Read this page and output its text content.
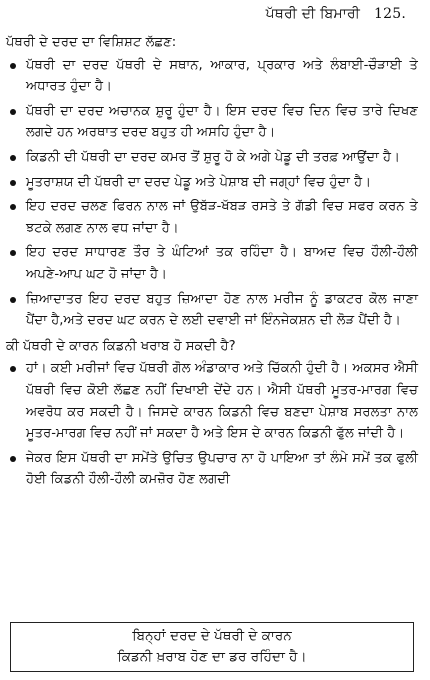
ਪੱਥਰੀ ਦੀ ਬਿਮਾਰੀ 125.
ਪੱਥਰੀ ਦੇ ਦਰਦ ਦਾ ਵਿਸ਼ਿਸ਼ਟ ਲੱਛਣ:
ਪੱਥਰੀ ਦਾ ਦਰਦ ਪੱਥਰੀ ਦੇ ਸਥਾਨ, ਆਕਾਰ, ਪ੍ਰਕਾਰ ਅਤੇ ਲੰਬਾਈ-ਚੌੜਾਈ ਤੇ ਅਧਾਰਤ ਹੁੰਦਾ ਹੈ।
ਪੱਥਰੀ ਦਾ ਦਰਦ ਅਚਾਨਕ ਸ਼ੁਰੂ ਹੁੰਦਾ ਹੈ। ਇਸ ਦਰਦ ਵਿਚ ਦਿਨ ਵਿਚ ਤਾਰੇ ਦਿਖਣ ਲਗਦੇ ਹਨ ਅਰਥਾਤ ਦਰਦ ਬਹੁਤ ਹੀ ਅਸਹਿ ਹੁੰਦਾ ਹੈ।
ਕਿਡਨੀ ਦੀ ਪੱਥਰੀ ਦਾ ਦਰਦ ਕਮਰ ਤੋਂ ਸ਼ੁਰੂ ਹੋ ਕੇ ਅਗੇ ਪੇਡੂ ਦੀ ਤਰਫ਼ ਆਉਂਦਾ ਹੈ।
ਮੂਤਰਾਸ਼ਯ ਦੀ ਪੱਥਰੀ ਦਾ ਦਰਦ ਪੇਡੂ ਅਤੇ ਪੇਸ਼ਾਬ ਦੀ ਜਗ੍ਹਾਂ ਵਿਚ ਹੁੰਦਾ ਹੈ।
ਇਹ ਦਰਦ ਚਲਣ ਫਿਰਨ ਨਾਲ ਜਾਂ ਉਬੱੜ-ਖੱਬੜ ਰਸਤੇ ਤੇ ਗੱਡੀ ਵਿਚ ਸਫਰ ਕਰਨ ਤੇ ਝਟਕੇ ਲਗਣ ਨਾਲ ਵਧ ਜਾਂਦਾ ਹੈ।
ਇਹ ਦਰਦ ਸਾਧਾਰਣ ਤੌਰ ਤੇ ਘੰਟਿਆਂ ਤਕ ਰਹਿੰਦਾ ਹੈ। ਬਾਅਦ ਵਿਚ ਹੌਲੀ-ਹੌਲੀ ਅਪਣੇ-ਆਪ ਘਟ ਹੋ ਜਾਂਦਾ ਹੈ।
ਜ਼ਿਆਦਾਤਰ ਇਹ ਦਰਦ ਬਹੁਤ ਜ਼ਿਆਦਾ ਹੋਣ ਨਾਲ ਮਰੀਜ ਨੂੰ ਡਾਕਟਰ ਕੋਲ ਜਾਣਾ ਪੈਂਦਾ ਹੈ,ਅਤੇ ਦਰਦ ਘਟ ਕਰਨ ਦੇ ਲਈ ਦਵਾਈ ਜਾਂ ਇੰਨਜੇਕਸ਼ਨ ਦੀ ਲੋੜ ਪੈਂਦੀ ਹੈ।
ਕੀ ਪੱਥਰੀ ਦੇ ਕਾਰਨ ਕਿਡਨੀ ਖਰਾਬ ਹੋ ਸਕਦੀ ਹੈ?
ਹਾਂ। ਕਈ ਮਰੀਜਾਂ ਵਿਚ ਪੱਥਰੀ ਗੋਲ ਅੰਡਾਕਾਰ ਅਤੇ ਚਿੱਕਨੀ ਹੁੰਦੀ ਹੈ। ਅਕਸਰ ਐਸੀ ਪੱਥਰੀ ਵਿਚ ਕੋਈ ਲੱਛਣ ਨਹੀਂ ਦਿਖਾਈ ਦੇਂਦੇ ਹਨ। ਐਸੀ ਪੱਥਰੀ ਮੂਤਰ-ਮਾਰਗ ਵਿਚ ਅਵਰੋਧ ਕਰ ਸਕਦੀ ਹੈ। ਜਿਸਦੇ ਕਾਰਨ ਕਿਡਨੀ ਵਿਚ ਬਣਦਾ ਪੇਸ਼ਾਬ ਸਰਲਤਾ ਨਾਲ ਮੂਤਰ-ਮਾਰਗ ਵਿਚ ਨਹੀਂ ਜਾਂ ਸਕਦਾ ਹੈ ਅਤੇ ਇਸ ਦੇ ਕਾਰਨ ਕਿਡਨੀ ਫੁੱਲ ਜਾਂਦੀ ਹੈ।
ਜੇਕਰ ਇਸ ਪੱਥਰੀ ਦਾ ਸਮੇਂਤੇ ਉਚਿਤ ਉਪਚਾਰ ਨਾ ਹੋ ਪਾਇਆ ਤਾਂ ਲੰਮੇ ਸਮੇਂ ਤਕ ਫੁਲੀ ਹੋਈ ਕਿਡਨੀ ਹੌਲੀ-ਹੌਲੀ ਕਮਜ਼ੋਰ ਹੋਣ ਲਗਦੀ
ਬਿਨ੍ਹਾਂ ਦਰਦ ਦੇ ਪੱਥਰੀ ਦੇ ਕਾਰਨ
ਕਿਡਨੀ ਖ਼ਰਾਬ ਹੋਣ ਦਾ ਡਰ ਰਹਿੰਦਾ ਹੈ।
